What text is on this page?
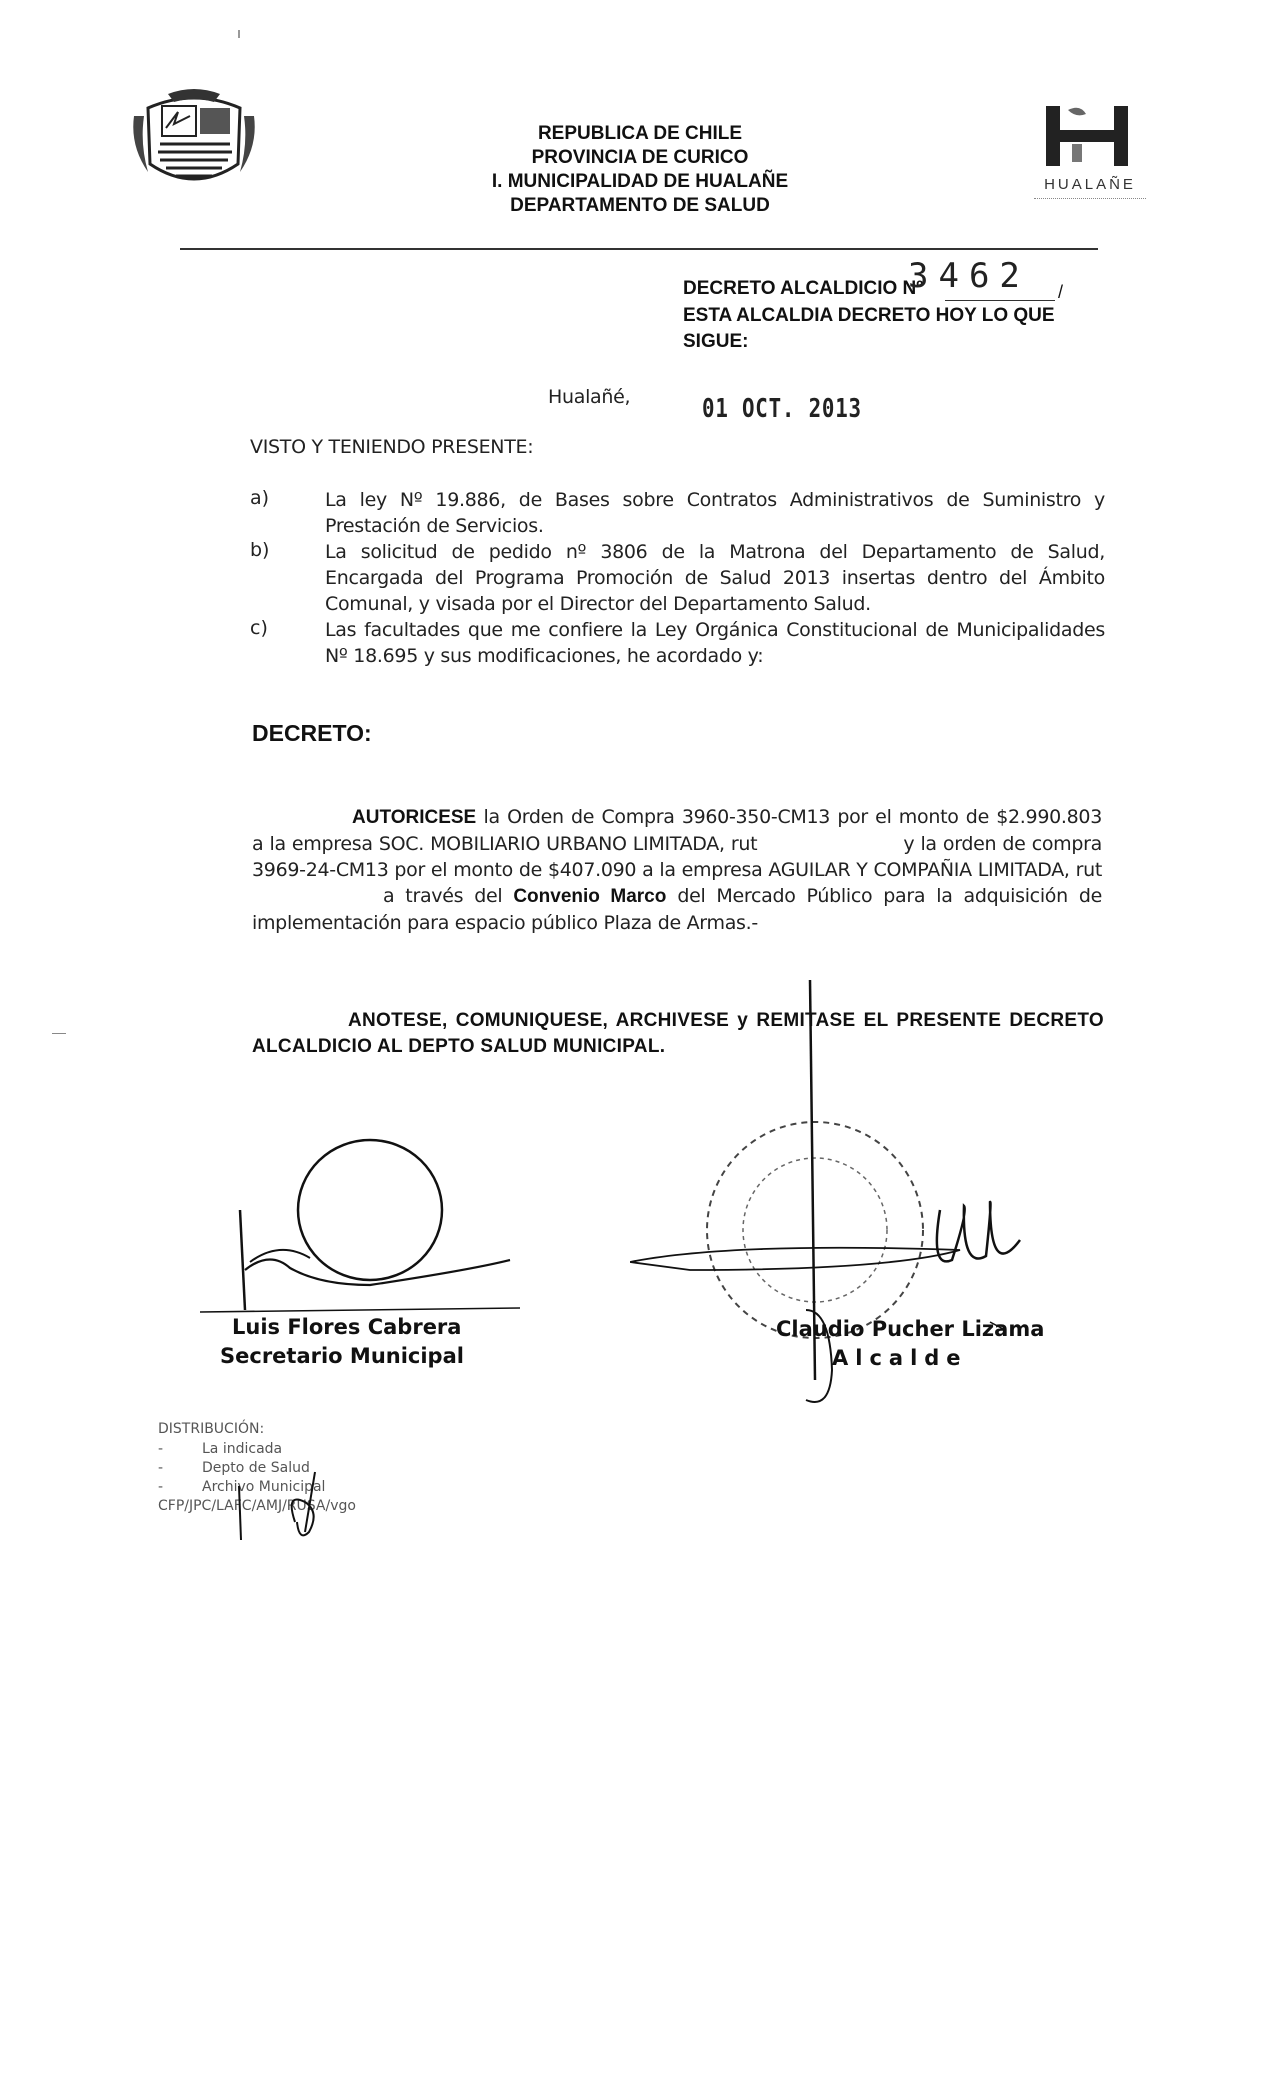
REPUBLICA DE CHILE
PROVINCIA DE CURICO
I. MUNICIPALIDAD DE HUALAÑE
DEPARTAMENTO DE SALUD
HUALAÑE
DECRETO ALCALDICIO Nº
3462 /
ESTA ALCALDIA DECRETO HOY LO QUE
SIGUE:
Hualañé,	01 OCT. 2013
VISTO Y TENIENDO PRESENTE:
a)	La ley Nº 19.886, de Bases sobre Contratos Administrativos de Suministro y Prestación de Servicios.
b)	La solicitud de pedido nº 3806 de la Matrona del Departamento de Salud, Encargada del Programa Promoción de Salud 2013 insertas dentro del Ámbito Comunal, y visada por el Director del Departamento Salud.
c)	Las facultades que me confiere la Ley Orgánica Constitucional de Municipalidades Nº 18.695 y sus modificaciones, he acordado y:
DECRETO:
AUTORICESE la Orden de Compra 3960-350-CM13 por el monto de $2.990.803 a la empresa SOC. MOBILIARIO URBANO LIMITADA, rut	y la orden de compra 3969-24-CM13 por el monto de $407.090 a la empresa AGUILAR Y COMPAÑIA LIMITADA, rut a través del Convenio Marco del Mercado Público para la adquisición de implementación para espacio público Plaza de Armas.-
ANOTESE, COMUNIQUESE, ARCHIVESE y REMITASE EL PRESENTE DECRETO ALCALDICIO AL DEPTO SALUD MUNICIPAL.
Luis Flores Cabrera
Secretario Municipal
Claudio Pucher Lizama
Alcalde
DISTRIBUCIÓN:
-	La indicada
-	Depto de Salud
-	Archivo Municipal
CFP/JPC/LAFC/AMJ/RUSA/vgo
